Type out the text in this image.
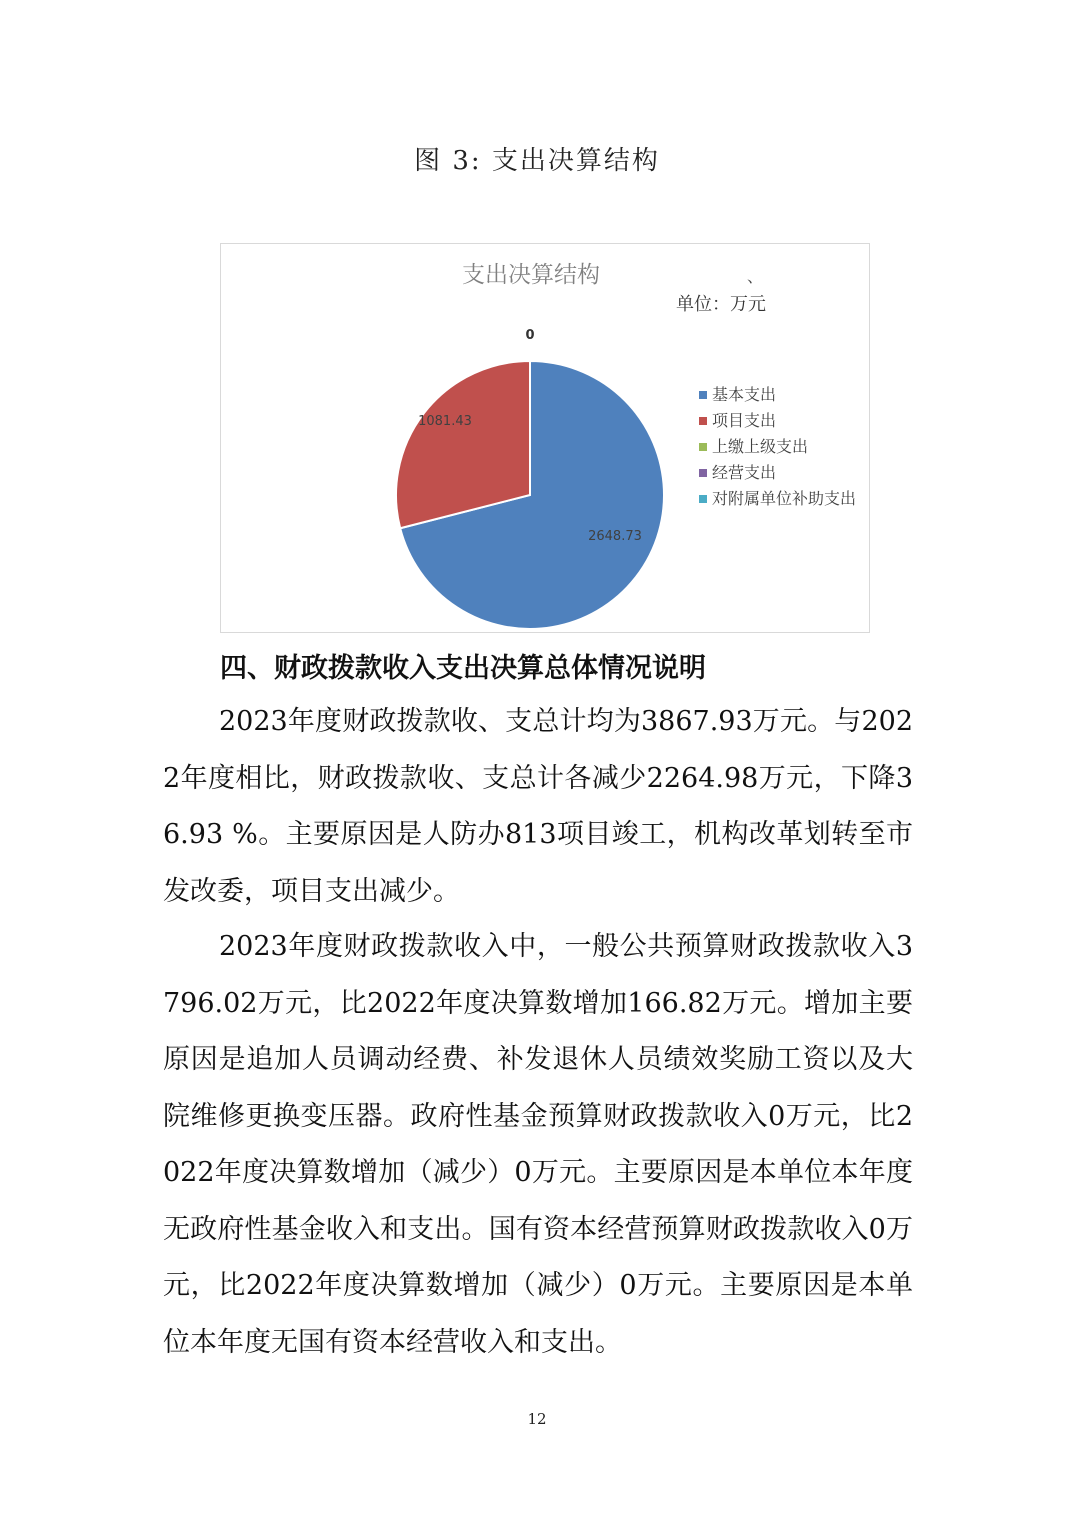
图 3: 支出决算结构
支出决算结构	、
单位：万元
2648.73
1081.43
0
基本支出
项目支出
上缴上级支出
经营支出
对附属单位补助支出
四、财政拨款收入支出决算总体情况说明

2023年度财政拨款收、支总计均为3867.93万元。与2022年度相比，财政拨款收、支总计各减少2264.98万元，下降36.93 %。主要原因是人防办813项目竣工，机构改革划转至市发改委，项目支出减少。

2023年度财政拨款收入中，一般公共预算财政拨款收入3796.02万元，比2022年度决算数增加166.82万元。增加主要原因是追加人员调动经费、补发退休人员绩效奖励工资以及大院维修更换变压器。政府性基金预算财政拨款收入0万元，比2022年度决算数增加（减少）0万元。主要原因是本单位本年度无政府性基金收入和支出。国有资本经营预算财政拨款收入0万元，比2022年度决算数增加（减少）0万元。主要原因是本单位本年度无国有资本经营收入和支出。

12
